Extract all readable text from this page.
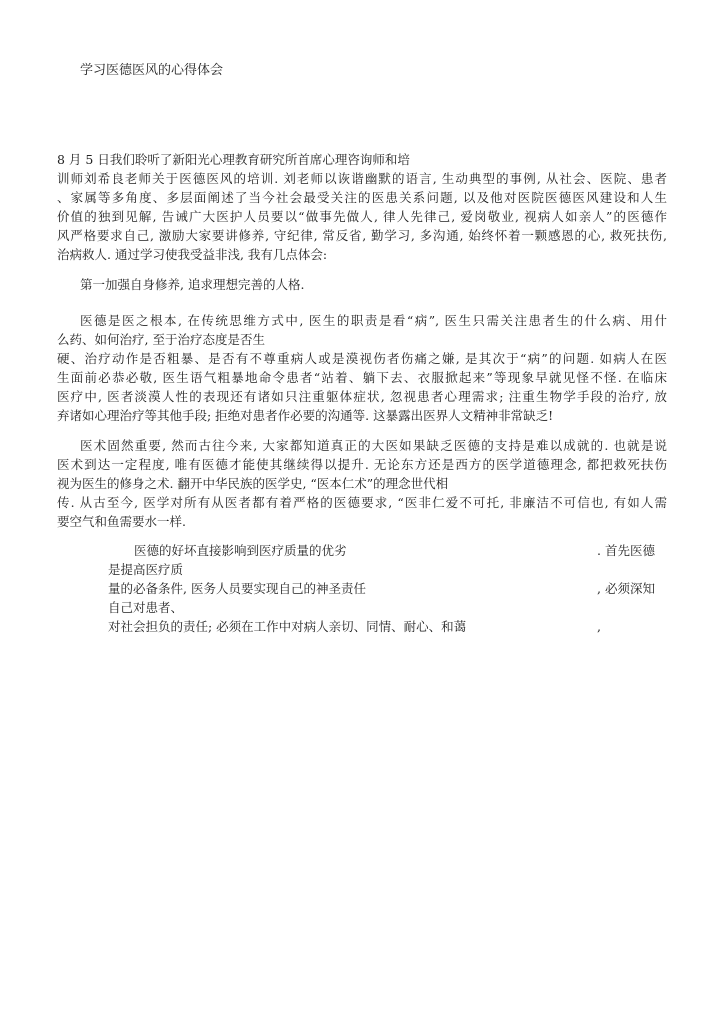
学习医德医风的心得体会
8 月 5 日我们聆听了新阳光心理教育研究所首席心理咨询师和培
训师刘希良老师关于医德医风的培训. 刘老师以诙谐幽默的语言, 生动典型的事例, 从社会、医院、患者
、家属等多角度、多层面阐述了当今社会最受关注的医患关系问题, 以及他对医院医德医风建设和人生
价值的独到见解, 告诫广大医护人员要以“做事先做人, 律人先律己, 爱岗敬业, 视病人如亲人”的医德作
风严格要求自己, 激励大家要讲修养, 守纪律, 常反省, 勤学习, 多沟通, 始终怀着一颗感恩的心, 救死扶伤,
治病救人. 通过学习使我受益非浅, 我有几点体会:
第一加强自身修养, 追求理想完善的人格.
医德是医之根本, 在传统思维方式中, 医生的职责是看“病”, 医生只需关注患者生的什么病、用什
么药、如何治疗, 至于治疗态度是否生
硬、治疗动作是否粗暴、是否有不尊重病人或是漠视伤者伤痛之嫌, 是其次于“病”的问题. 如病人在医
生面前必恭必敬, 医生语气粗暴地命令患者“站着、躺下去、衣服掀起来”等现象早就见怪不怪. 在临床
医疗中, 医者淡漠人性的表现还有诸如只注重躯体症状, 忽视患者心理需求; 注重生物学手段的治疗, 放
弃诸如心理治疗等其他手段; 拒绝对患者作必要的沟通等. 这暴露出医界人文精神非常缺乏!
医术固然重要, 然而古往今来, 大家都知道真正的大医如果缺乏医德的支持是难以成就的. 也就是说
医术到达一定程度, 唯有医德才能使其继续得以提升. 无论东方还是西方的医学道德理念, 都把救死扶伤
视为医生的修身之术. 翻开中华民族的医学史, “医本仁术”的理念世代相
传. 从古至今, 医学对所有从医者都有着严格的医德要求, “医非仁爱不可托, 非廉洁不可信也, 有如人需
要空气和鱼需要水一样.
医德的好坏直接影响到医疗质量的优劣	. 首先医德
是提高医疗质
量的必备条件, 医务人员要实现自己的神圣责任	, 必须深知
自己对患者、
对社会担负的责任; 必须在工作中对病人亲切、同情、耐心、和蔼	,
